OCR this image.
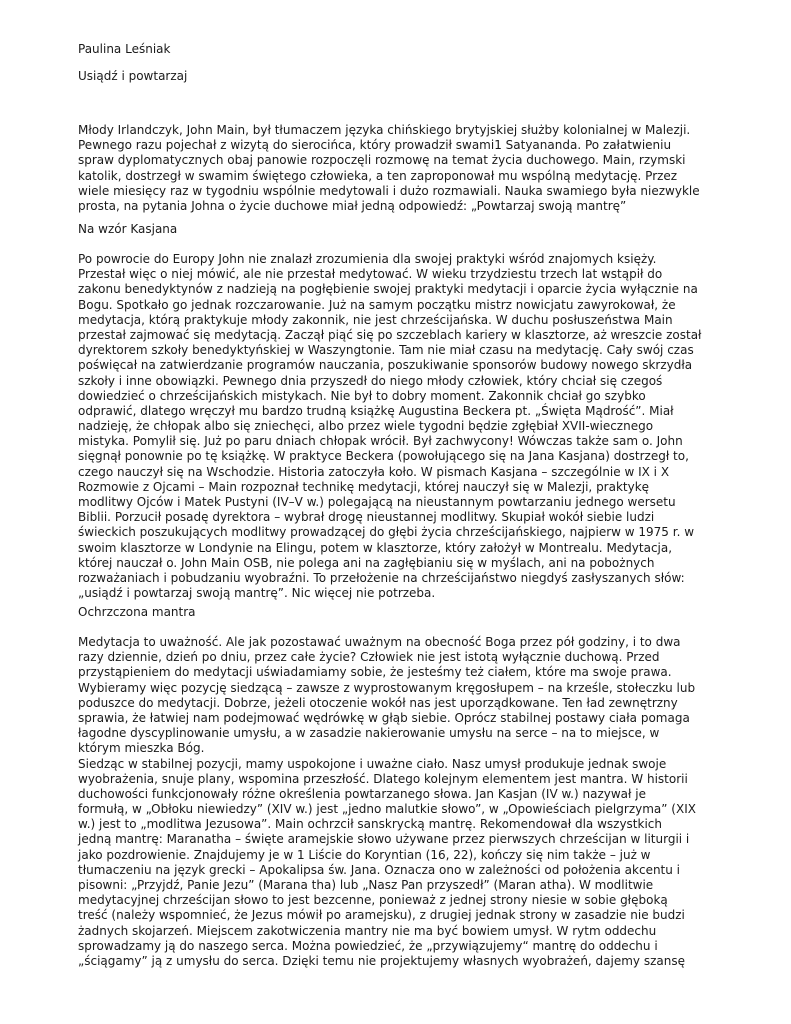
Paulina Leśniak
Usiądź i powtarzaj
Młody Irlandczyk, John Main, był tłumaczem języka chińskiego brytyjskiej służby kolonialnej w Malezji.
Pewnego razu pojechał z wizytą do sierocińca, który prowadził swami1 Satyananda. Po załatwieniu
spraw dyplomatycznych obaj panowie rozpoczęli rozmowę na temat życia duchowego. Main, rzymski
katolik, dostrzegł w swamim świętego człowieka, a ten zaproponował mu wspólną medytację. Przez
wiele miesięcy raz w tygodniu wspólnie medytowali i dużo rozmawiali. Nauka swamiego była niezwykle
prosta, na pytania Johna o życie duchowe miał jedną odpowiedź: „Powtarzaj swoją mantrę”
Na wzór Kasjana
Po powrocie do Europy John nie znalazł zrozumienia dla swojej praktyki wśród znajomych księży.
Przestał więc o niej mówić, ale nie przestał medytować. W wieku trzydziestu trzech lat wstąpił do
zakonu benedyktynów z nadzieją na pogłębienie swojej praktyki medytacji i oparcie życia wyłącznie na
Bogu. Spotkało go jednak rozczarowanie. Już na samym początku mistrz nowicjatu zawyrokował, że
medytacja, którą praktykuje młody zakonnik, nie jest chrześcijańska. W duchu posłuszeństwa Main
przestał zajmować się medytacją. Zaczął piąć się po szczeblach kariery w klasztorze, aż wreszcie został
dyrektorem szkoły benedyktyńskiej w Waszyngtonie. Tam nie miał czasu na medytację. Cały swój czas
poświęcał na zatwierdzanie programów nauczania, poszukiwanie sponsorów budowy nowego skrzydła
szkoły i inne obowiązki. Pewnego dnia przyszedł do niego młody człowiek, który chciał się czegoś
dowiedzieć o chrześcijańskich mistykach. Nie był to dobry moment. Zakonnik chciał go szybko
odprawić, dlatego wręczył mu bardzo trudną książkę Augustina Beckera pt. „Święta Mądrość”. Miał
nadzieję, że chłopak albo się zniechęci, albo przez wiele tygodni będzie zgłębiał XVII-wiecznego
mistyka. Pomylił się. Już po paru dniach chłopak wrócił. Był zachwycony! Wówczas także sam o. John
sięgnął ponownie po tę książkę. W praktyce Beckera (powołującego się na Jana Kasjana) dostrzegł to,
czego nauczył się na Wschodzie. Historia zatoczyła koło. W pismach Kasjana – szczególnie w IX i X
Rozmowie z Ojcami – Main rozpoznał technikę medytacji, której nauczył się w Malezji, praktykę
modlitwy Ojców i Matek Pustyni (IV–V w.) polegającą na nieustannym powtarzaniu jednego wersetu
Biblii. Porzucił posadę dyrektora – wybrał drogę nieustannej modlitwy. Skupiał wokół siebie ludzi
świeckich poszukujących modlitwy prowadzącej do głębi życia chrześcijańskiego, najpierw w 1975 r. w
swoim klasztorze w Londynie na Elingu, potem w klasztorze, który założył w Montrealu. Medytacja,
której nauczał o. John Main OSB, nie polega ani na zagłębianiu się w myślach, ani na pobożnych
rozważaniach i pobudzaniu wyobraźni. To przełożenie na chrześcijaństwo niegdyś zasłyszanych słów:
„usiądź i powtarzaj swoją mantrę”. Nic więcej nie potrzeba.
Ochrzczona mantra
Medytacja to uważność. Ale jak pozostawać uważnym na obecność Boga przez pół godziny, i to dwa
razy dziennie, dzień po dniu, przez całe życie? Człowiek nie jest istotą wyłącznie duchową. Przed
przystąpieniem do medytacji uświadamiamy sobie, że jesteśmy też ciałem, które ma swoje prawa.
Wybieramy więc pozycję siedzącą – zawsze z wyprostowanym kręgosłupem – na krześle, stołeczku lub
poduszce do medytacji. Dobrze, jeżeli otoczenie wokół nas jest uporządkowane. Ten ład zewnętrzny
sprawia, że łatwiej nam podejmować wędrówkę w głąb siebie. Oprócz stabilnej postawy ciała pomaga
łagodne dyscyplinowanie umysłu, a w zasadzie nakierowanie umysłu na serce – na to miejsce, w
którym mieszka Bóg.
Siedząc w stabilnej pozycji, mamy uspokojone i uważne ciało. Nasz umysł produkuje jednak swoje
wyobrażenia, snuje plany, wspomina przeszłość. Dlatego kolejnym elementem jest mantra. W historii
duchowości funkcjonowały różne określenia powtarzanego słowa. Jan Kasjan (IV w.) nazywał je
formułą, w „Obłoku niewiedzy” (XIV w.) jest „jedno malutkie słowo”, w „Opowieściach pielgrzyma” (XIX
w.) jest to „modlitwa Jezusowa”. Main ochrzcił sanskrycką mantrę. Rekomendował dla wszystkich
jedną mantrę: Maranatha – święte aramejskie słowo używane przez pierwszych chrześcijan w liturgii i
jako pozdrowienie. Znajdujemy je w 1 Liście do Koryntian (16, 22), kończy się nim także – już w
tłumaczeniu na język grecki – Apokalipsa św. Jana. Oznacza ono w zależności od położenia akcentu i
pisowni: „Przyjdź, Panie Jezu” (Marana tha) lub „Nasz Pan przyszedł” (Maran atha). W modlitwie
medytacyjnej chrześcijan słowo to jest bezcenne, ponieważ z jednej strony niesie w sobie głęboką
treść (należy wspomnieć, że Jezus mówił po aramejsku), z drugiej jednak strony w zasadzie nie budzi
żadnych skojarzeń. Miejscem zakotwiczenia mantry nie ma być bowiem umysł. W rytm oddechu
sprowadzamy ją do naszego serca. Można powiedzieć, że „przywiązujemy“ mantrę do oddechu i
„ściągamy” ją z umysłu do serca. Dzięki temu nie projektujemy własnych wyobrażeń, dajemy szansę
